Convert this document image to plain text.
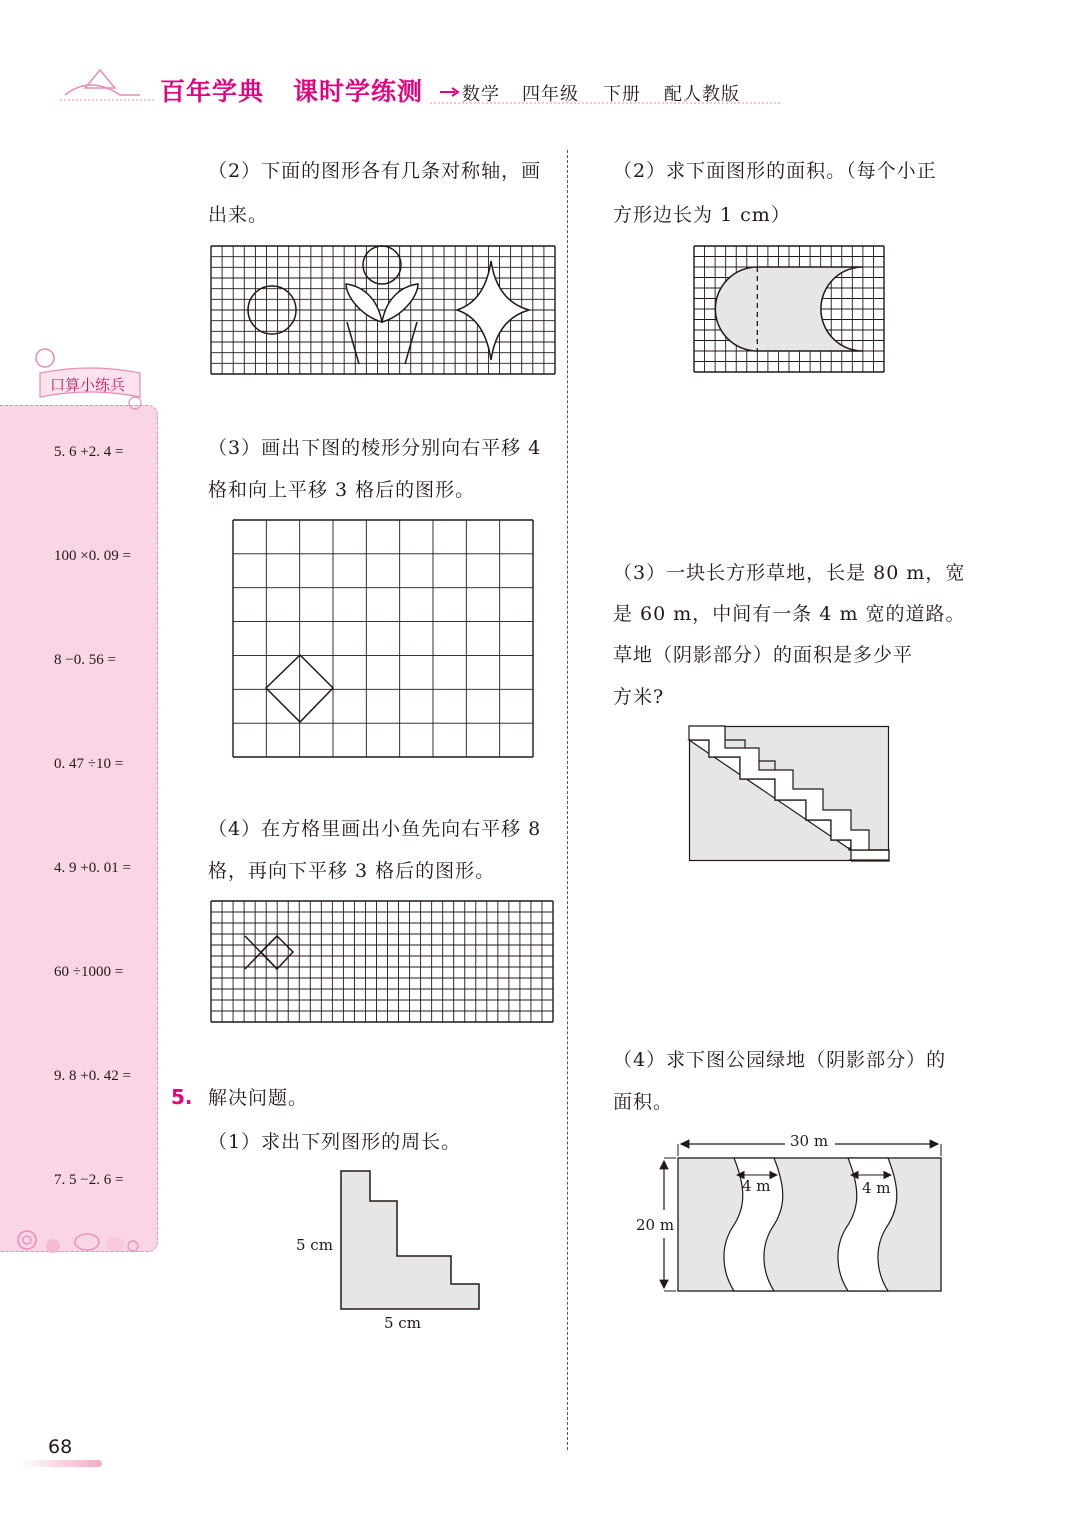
百年学典 课时学练测 数学 四年级 下册 配人教版
口算小练兵
5. 6 +2. 4 =
100 ×0. 09 =
8 −0. 56 =
0. 47 ÷10 =
4. 9 +0. 01 =
60 ÷1000 =
9. 8 +0. 42 =
7. 5 −2. 6 =
（2）下面的图形各有几条对称轴，画
出来。
（3）画出下图的棱形分别向右平移 4
格和向上平移 3 格后的图形。
（4）在方格里画出小鱼先向右平移 8
格，再向下平移 3 格后的图形。
5. 解决问题。
（1）求出下列图形的周长。
5 cm
5 cm
（2）求下面图形的面积。（每个小正
方形边长为 1 cm）
（3）一块长方形草地，长是 80 m，宽
是 60 m，中间有一条 4 m 宽的道路。
草地（阴影部分）的面积是多少平
方米?
（4）求下图公园绿地（阴影部分）的
面积。
30 m
20 m
4 m	4 m
68
